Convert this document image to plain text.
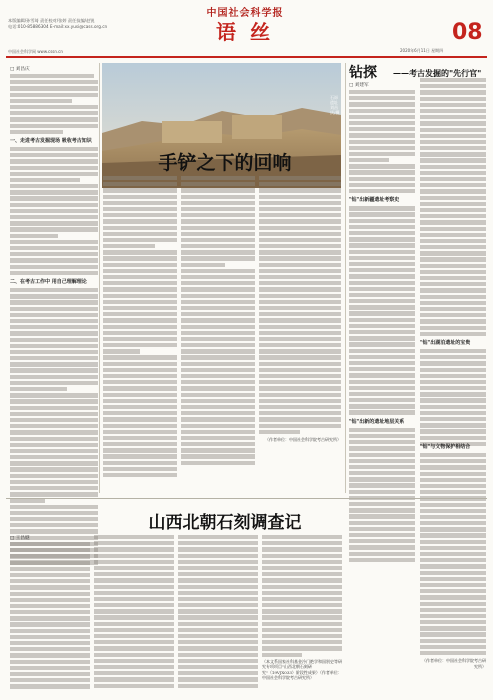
本版编辑/孙雪琦 责任校对/张婷 责任技编/赵锐
电话:010-85886304 E-mail:xx.yusi@cass.org.cn
中国社会科学报
语丝	08
中国社会科学网 www.cssn.cn	2020年6月11日 星期四
□ 刘昌庆
一、走进考古发掘现场 吸收考古知识
二、在考古工作中 用自己理解理论
石峁遗址 刘昌庆/摄
手铲之下的回响
（作者单位：中国社会科学院考古研究所）
钻探 ——考古发掘的"先行官"
□ 刘建军
"钻"出新疆遗址考察史
"钻"出新的遗址地层关系
"钻"出湖泊遗址的宝贵
"钻"与文物保护相结合
（作者单位：中国社会科学院考古研究所）
山西北朝石刻调查记
□ 王昌燧
（本文系国家社科基金冷门绝学和国别史等研究专项项目"山西北朝石刻研究"（19VJX033）阶段性成果）（作者单位：中国社会科学院考古研究所）
